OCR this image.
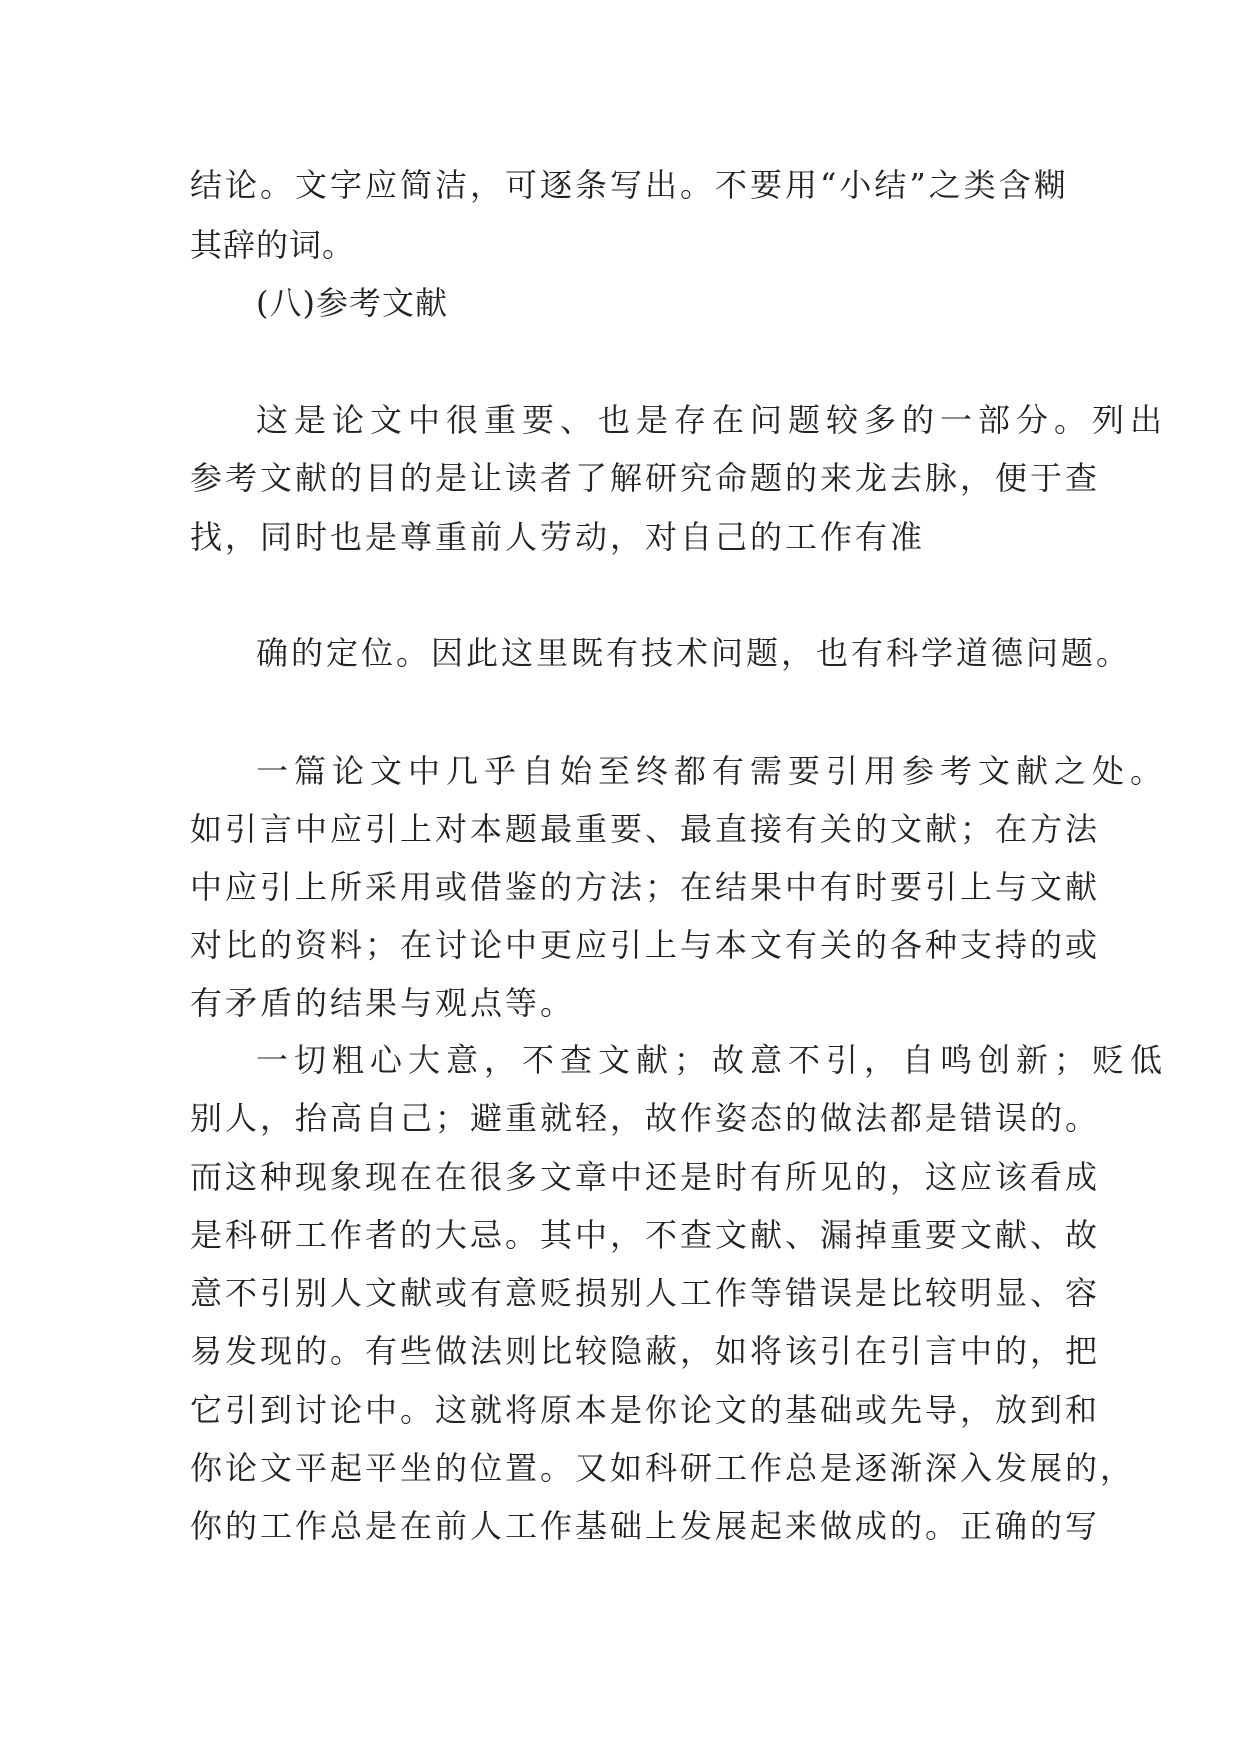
结论。文字应简洁，可逐条写出。不要用“小结”之类含糊
其辞的词。
(八)参考文献
这是论文中很重要、也是存在问题较多的一部分。列出
参考文献的目的是让读者了解研究命题的来龙去脉，便于查
找，同时也是尊重前人劳动，对自己的工作有准
确的定位。因此这里既有技术问题，也有科学道德问题。
一篇论文中几乎自始至终都有需要引用参考文献之处。
如引言中应引上对本题最重要、最直接有关的文献；在方法
中应引上所采用或借鉴的方法；在结果中有时要引上与文献
对比的资料；在讨论中更应引上与本文有关的各种支持的或
有矛盾的结果与观点等。
一切粗心大意，不查文献；故意不引，自鸣创新；贬低
别人，抬高自己；避重就轻，故作姿态的做法都是错误的。
而这种现象现在在很多文章中还是时有所见的，这应该看成
是科研工作者的大忌。其中，不查文献、漏掉重要文献、故
意不引别人文献或有意贬损别人工作等错误是比较明显、容
易发现的。有些做法则比较隐蔽，如将该引在引言中的，把
它引到讨论中。这就将原本是你论文的基础或先导，放到和
你论文平起平坐的位置。又如科研工作总是逐渐深入发展的，
你的工作总是在前人工作基础上发展起来做成的。正确的写
